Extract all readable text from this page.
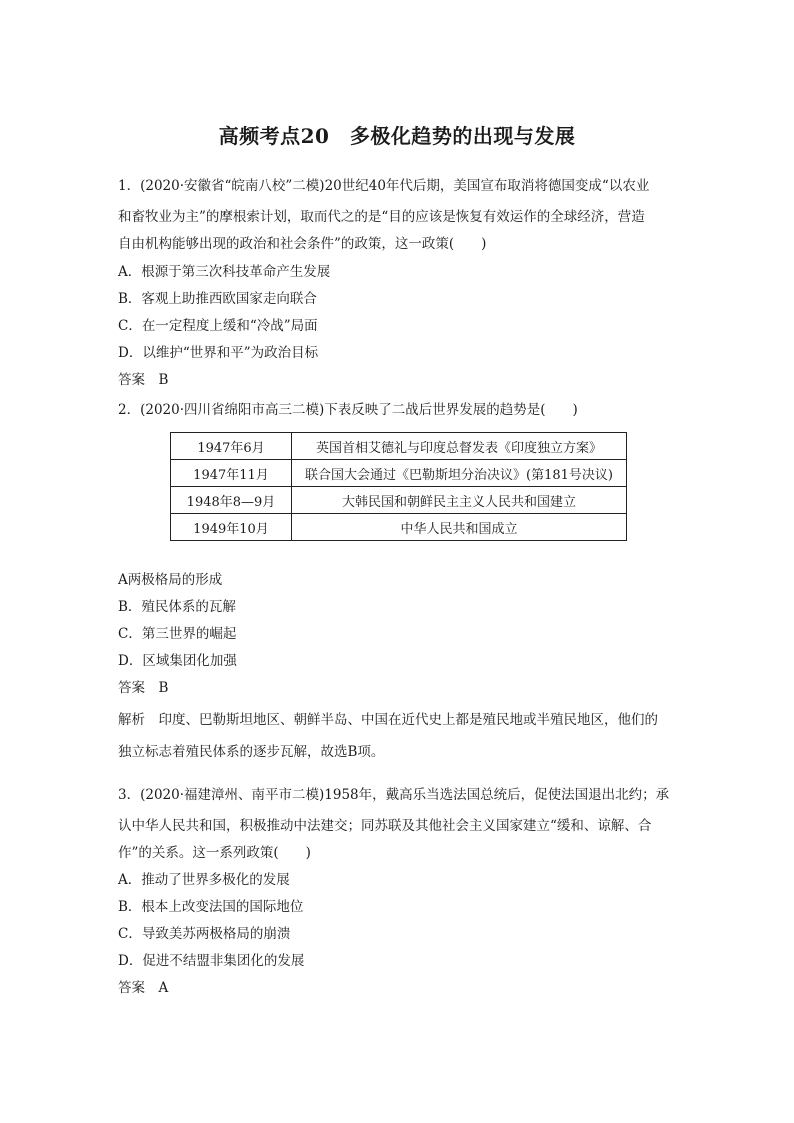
高频考点20　多极化趋势的出现与发展
1．(2020·安徽省“皖南八校”二模)20世纪40年代后期，美国宣布取消将德国变成“以农业
和畜牧业为主”的摩根索计划，取而代之的是“目的应该是恢复有效运作的全球经济，营造
自由机构能够出现的政治和社会条件”的政策，这一政策(　　)
A．根源于第三次科技革命产生发展
B．客观上助推西欧国家走向联合
C．在一定程度上缓和“冷战”局面
D．以维护“世界和平”为政治目标
答案　B
2．(2020·四川省绵阳市高三二模)下表反映了二战后世界发展的趋势是(　　)
1947年6月	英国首相艾德礼与印度总督发表《印度独立方案》
1947年11月	联合国大会通过《巴勒斯坦分治决议》(第181号决议)
1948年8—9月	大韩民国和朝鲜民主主义人民共和国建立
1949年10月	中华人民共和国成立
A两极格局的形成
B．殖民体系的瓦解
C．第三世界的崛起
D．区域集团化加强
答案　B
解析　印度、巴勒斯坦地区、朝鲜半岛、中国在近代史上都是殖民地或半殖民地区，他们的
独立标志着殖民体系的逐步瓦解，故选B项。
3．(2020·福建漳州、南平市二模)1958年，戴高乐当选法国总统后，促使法国退出北约；承
认中华人民共和国，积极推动中法建交；同苏联及其他社会主义国家建立“缓和、谅解、合
作”的关系。这一系列政策(　　)
A．推动了世界多极化的发展
B．根本上改变法国的国际地位
C．导致美苏两极格局的崩溃
D．促进不结盟非集团化的发展
答案　A
